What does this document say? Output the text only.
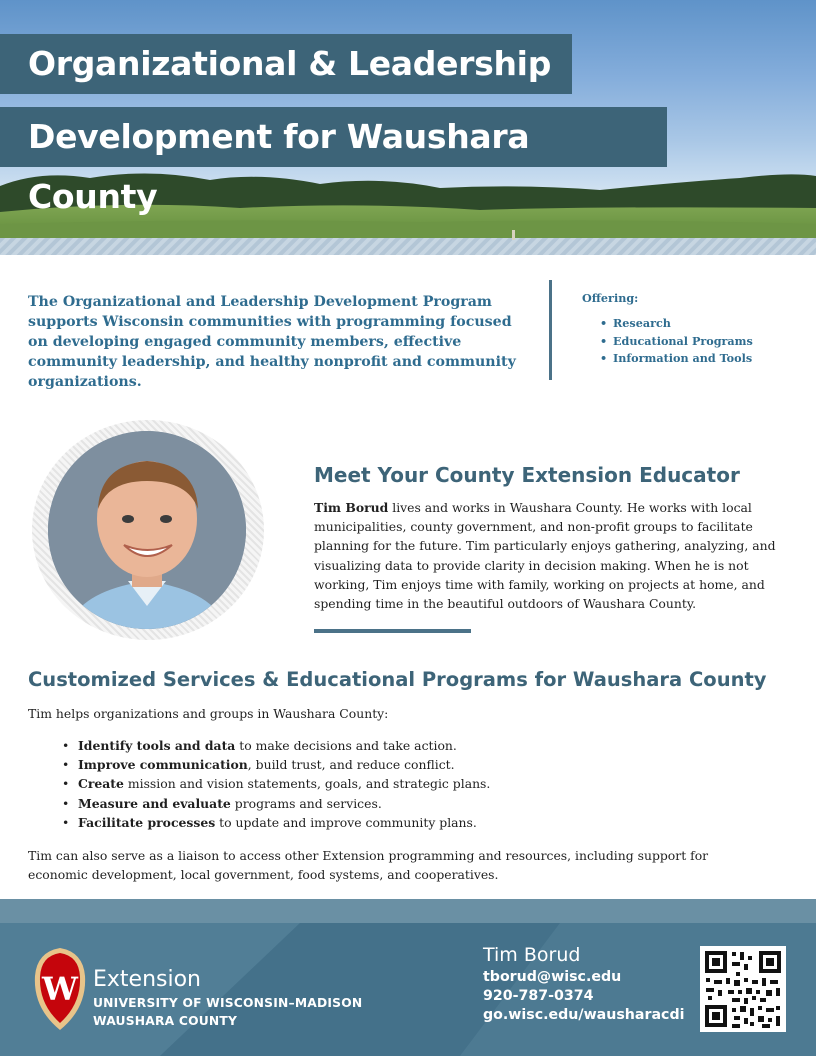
Organizational & Leadership
Development for Waushara County

The Organizational and Leadership Development Program supports Wisconsin communities with programming focused on developing engaged community members, effective community leadership, and healthy nonprofit and community organizations.

Offering:
• Research
• Educational Programs
• Information and Tools
Meet Your County Extension Educator

Tim Borud lives and works in Waushara County. He works with local municipalities, county government, and non-profit groups to facilitate planning for the future. Tim particularly enjoys gathering, analyzing, and visualizing data to provide clarity in decision making. When he is not working, Tim enjoys time with family, working on projects at home, and spending time in the beautiful outdoors of Waushara County.

Customized Services & Educational Programs for Waushara County

Tim helps organizations and groups in Waushara County:

• Identify tools and data to make decisions and take action.
• Improve communication, build trust, and reduce conflict.
• Create mission and vision statements, goals, and strategic plans.
• Measure and evaluate programs and services.
• Facilitate processes to update and improve community plans.

Tim can also serve as a liaison to access other Extension programming and resources, including support for economic development, local government, food systems, and cooperatives.

W Extension
UNIVERSITY OF WISCONSIN–MADISON
WAUSHARA COUNTY
Tim Borud
tborud@wisc.edu
920-787-0374
go.wisc.edu/wausharacdi
